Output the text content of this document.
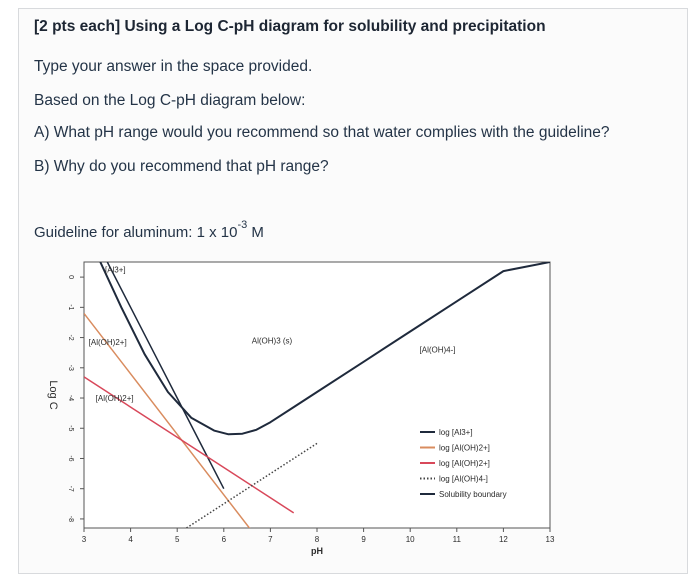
[2 pts each] Using a Log C-pH diagram for solubility and precipitation
Type your answer in the space provided.
Based on the Log C-pH diagram below:
A) What pH range would you recommend so that water complies with the guideline?
B) Why do you recommend that pH range?
Guideline for aluminum: 1 x $10^{-3}$ M
3	4	5	6	7	8	9	10	11	12	13
0
-1
-2
-3
-4
-5
-6
-7
-8
[Al3+]
[Al(OH)2+]
[Al(OH)2+]
Al(OH)3 (s)
[Al(OH)4-]
log [Al3+]
log [Al(OH)2+]
log [Al(OH)2+]
log [Al(OH)4-]
Solubility boundary
pH
Log C
